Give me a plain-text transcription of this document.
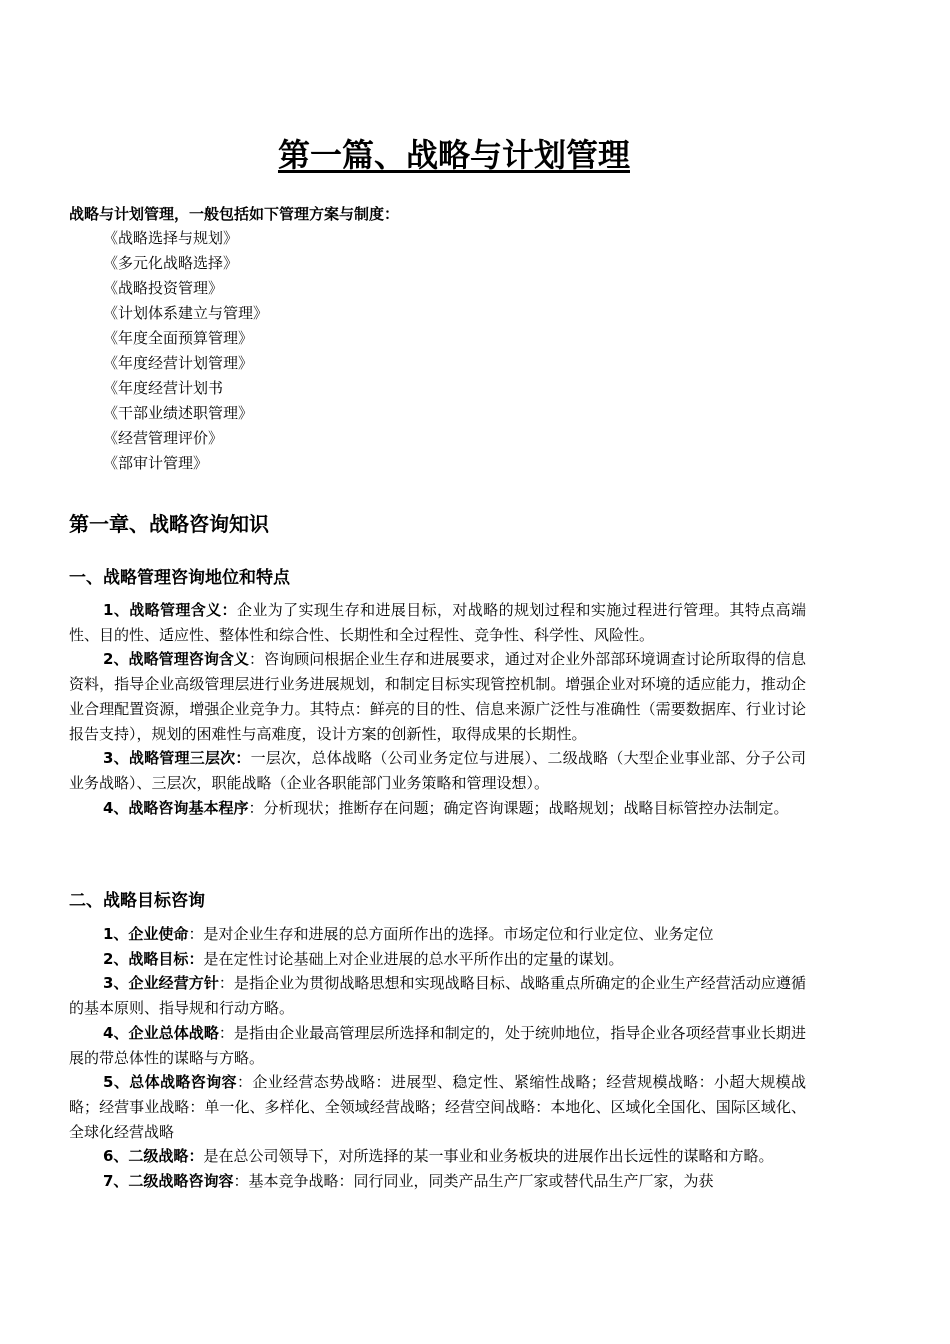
第一篇、战略与计划管理
战略与计划管理，一般包括如下管理方案与制度：
《战略选择与规划》
《多元化战略选择》
《战略投资管理》
《计划体系建立与管理》
《年度全面预算管理》
《年度经营计划管理》
《年度经营计划书
《干部业绩述职管理》
《经营管理评价》
《部审计管理》
第一章、战略咨询知识
一、战略管理咨询地位和特点

1、战略管理含义：企业为了实现生存和进展目标，对战略的规划过程和实施过程进行管理。其特点高端性、目的性、适应性、整体性和综合性、长期性和全过程性、竞争性、科学性、风险性。

2、战略管理咨询含义：咨询顾问根据企业生存和进展要求，通过对企业外部部环境调查讨论所取得的信息资料，指导企业高级管理层进行业务进展规划，和制定目标实现管控机制。增强企业对环境的适应能力，推动企业合理配置资源，增强企业竞争力。其特点：鲜亮的目的性、信息来源广泛性与准确性（需要数据库、行业讨论报告支持），规划的困难性与高难度，设计方案的创新性，取得成果的长期性。

3、战略管理三层次：一层次，总体战略（公司业务定位与进展）、二级战略（大型企业事业部、分子公司业务战略）、三层次，职能战略（企业各职能部门业务策略和管理设想）。

4、战略咨询基本程序：分析现状；推断存在问题；确定咨询课题；战略规划；战略目标管控办法制定。

二、战略目标咨询

1、企业使命：是对企业生存和进展的总方面所作出的选择。市场定位和行业定位、业务定位

2、战略目标：是在定性讨论基础上对企业进展的总水平所作出的定量的谋划。

3、企业经营方针：是指企业为贯彻战略思想和实现战略目标、战略重点所确定的企业生产经营活动应遵循的基本原则、指导规和行动方略。

4、企业总体战略：是指由企业最高管理层所选择和制定的，处于统帅地位，指导企业各项经营事业长期进展的带总体性的谋略与方略。

5、总体战略咨询容：企业经营态势战略：进展型、稳定性、紧缩性战略；经营规模战略：小超大规模战略；经营事业战略：单一化、多样化、全领域经营战略；经营空间战略：本地化、区域化全国化、国际区域化、全球化经营战略

6、二级战略：是在总公司领导下，对所选择的某一事业和业务板块的进展作出长远性的谋略和方略。

7、二级战略咨询容：基本竞争战略：同行同业，同类产品生产厂家或替代品生产厂家，为获
